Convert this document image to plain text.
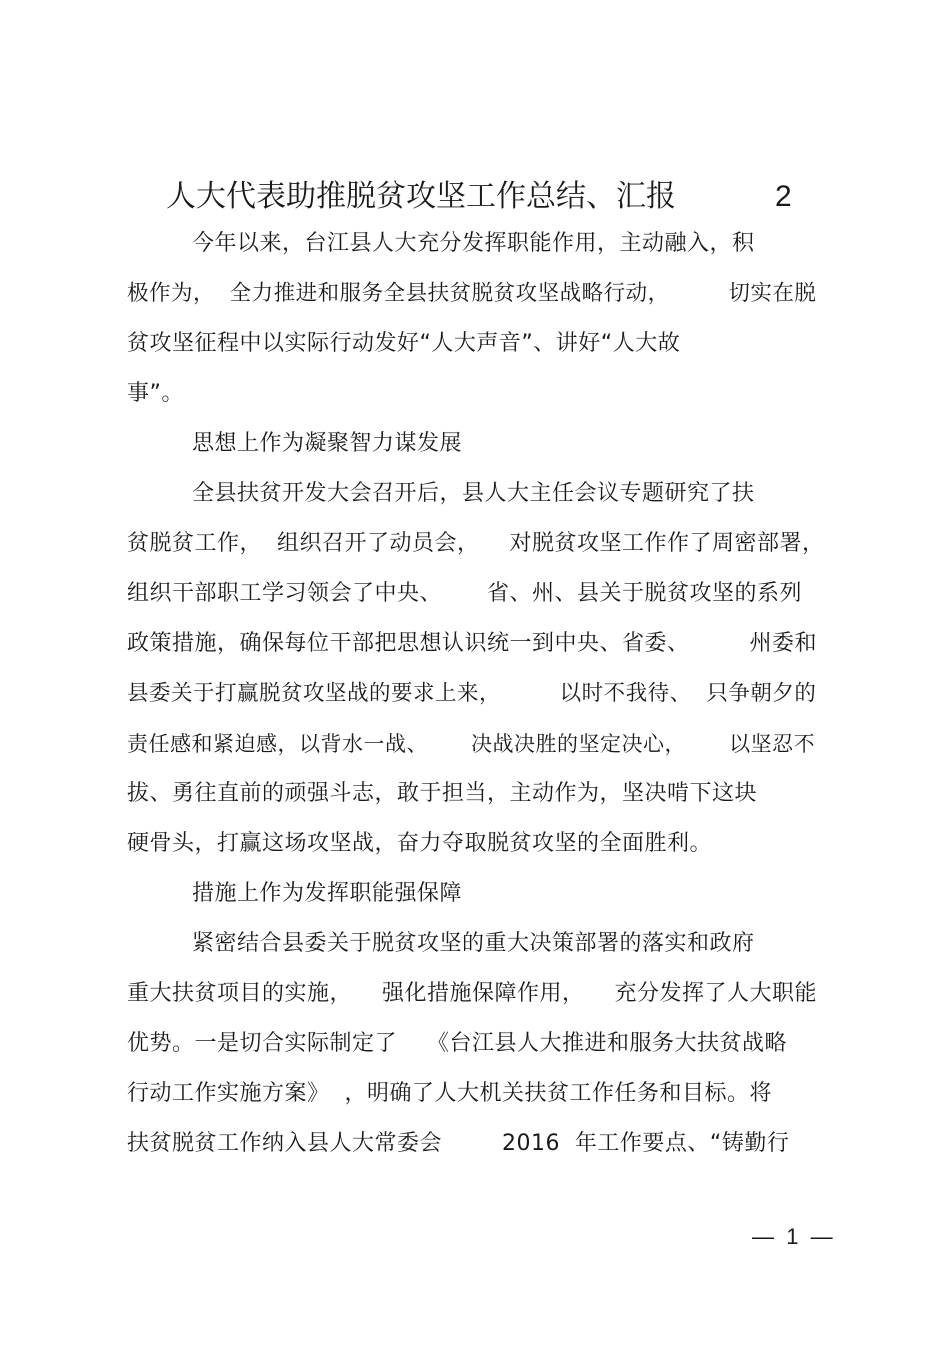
人大代表助推脱贫攻坚工作总结、汇报	2
今年以来，台江县人大充分发挥职能作用，主动融入，积
极作为，  全力推进和服务全县扶贫脱贫攻坚战略行动，        切实在脱
贫攻坚征程中以实际行动发好“人大声音”、讲好“人大故
事”。
思想上作为凝聚智力谋发展
全县扶贫开发大会召开后，县人大主任会议专题研究了扶
贫脱贫工作，  组织召开了动员会，    对脱贫攻坚工作作了周密部署，
组织干部职工学习领会了中央、      省、州、县关于脱贫攻坚的系列
政策措施，确保每位干部把思想认识统一到中央、省委、        州委和
县委关于打赢脱贫攻坚战的要求上来，        以时不我待、  只争朝夕的
责任感和紧迫感，以背水一战、      决战决胜的坚定决心，      以坚忍不
拔、勇往直前的顽强斗志，敢于担当，主动作为，坚决啃下这块
硬骨头，打赢这场攻坚战，奋力夺取脱贫攻坚的全面胜利。
措施上作为发挥职能强保障
紧密结合县委关于脱贫攻坚的重大决策部署的落实和政府
重大扶贫项目的实施，    强化措施保障作用，    充分发挥了人大职能
优势。一是切合实际制定了    《台江县人大推进和服务大扶贫战略
行动工作实施方案》  ，明确了人大机关扶贫工作任务和目标。将
扶贫脱贫工作纳入县人大常委会        2016  年工作要点、“铸勤行
—  1  —
